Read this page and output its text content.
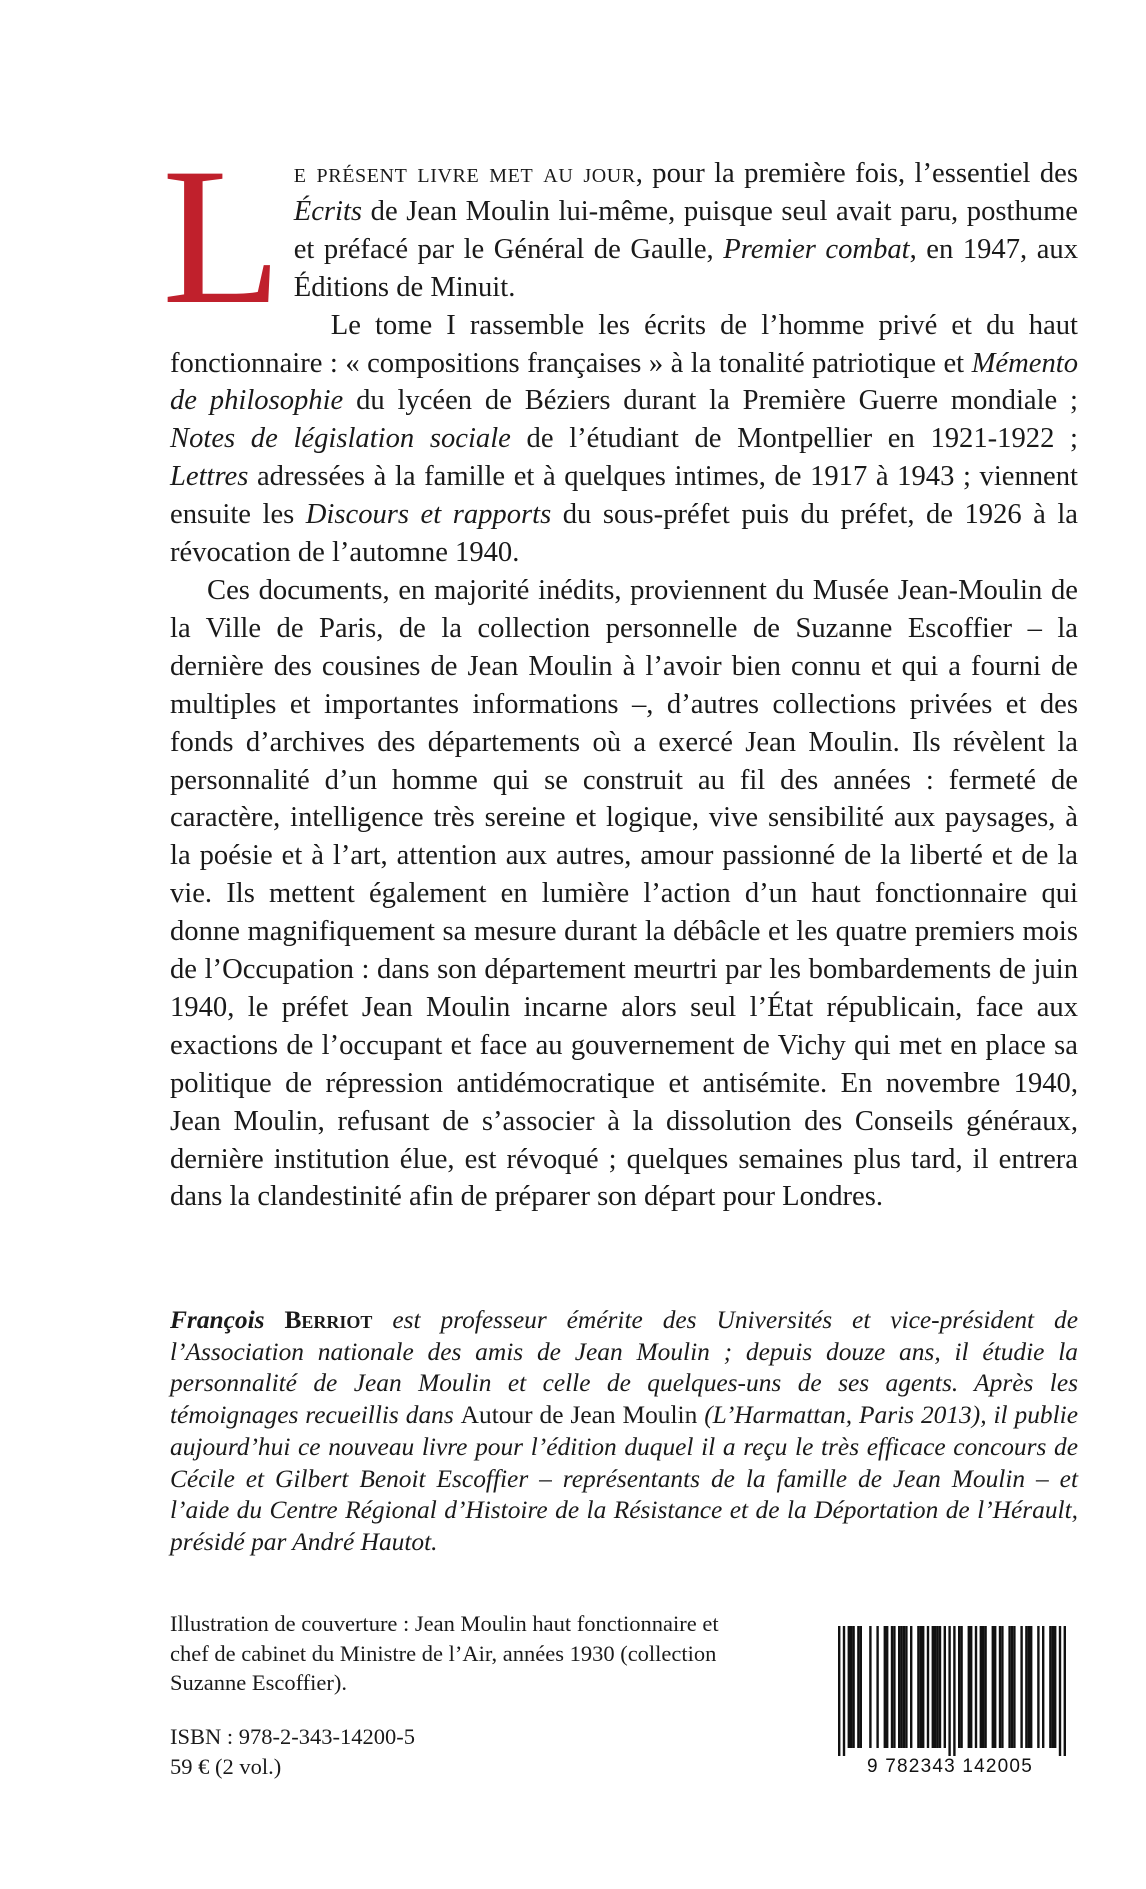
Le présent livre met au jour, pour la première fois, l’essentiel des Écrits de Jean Moulin lui-même, puisque seul avait paru, posthume et préfacé par le Général de Gaulle, Premier combat, en 1947, aux Éditions de Minuit.

Le tome I rassemble les écrits de l’homme privé et du haut fonctionnaire : « compositions françaises » à la tonalité patriotique et Mémento de philosophie du lycéen de Béziers durant la Première Guerre mondiale ; Notes de législation sociale de l’étudiant de Montpellier en 1921-1922 ; Lettres adressées à la famille et à quelques intimes, de 1917 à 1943 ; viennent ensuite les Discours et rapports du sous-préfet puis du préfet, de 1926 à la révocation de l’automne 1940.

Ces documents, en majorité inédits, proviennent du Musée Jean-Moulin de la Ville de Paris, de la collection personnelle de Suzanne Escoffier – la dernière des cousines de Jean Moulin à l’avoir bien connu et qui a fourni de multiples et importantes informations –, d’autres collections privées et des fonds d’archives des départements où a exercé Jean Moulin. Ils révèlent la personnalité d’un homme qui se construit au fil des années : fermeté de caractère, intelligence très sereine et logique, vive sensibilité aux paysages, à la poésie et à l’art, attention aux autres, amour passionné de la liberté et de la vie. Ils mettent également en lumière l’action d’un haut fonctionnaire qui donne magnifiquement sa mesure durant la débâcle et les quatre premiers mois de l’Occupation : dans son département meurtri par les bombardements de juin 1940, le préfet Jean Moulin incarne alors seul l’État républicain, face aux exactions de l’occupant et face au gouvernement de Vichy qui met en place sa politique de répression antidémocratique et antisémite. En novembre 1940, Jean Moulin, refusant de s’associer à la dissolution des Conseils généraux, dernière institution élue, est révoqué ; quelques semaines plus tard, il entrera dans la clandestinité afin de préparer son départ pour Londres.

François Berriot est professeur émérite des Universités et vice-président de l’Association nationale des amis de Jean Moulin ; depuis douze ans, il étudie la personnalité de Jean Moulin et celle de quelques-uns de ses agents. Après les témoignages recueillis dans Autour de Jean Moulin (L’Harmattan, Paris 2013), il publie aujourd’hui ce nouveau livre pour l’édition duquel il a reçu le très efficace concours de Cécile et Gilbert Benoit Escoffier – représentants de la famille de Jean Moulin – et l’aide du Centre Régional d’Histoire de la Résistance et de la Déportation de l’Hérault, présidé par André Hautot.
Illustration de couverture : Jean Moulin haut fonctionnaire et chef de cabinet du Ministre de l’Air, années 1930 (collection Suzanne Escoffier).
ISBN : 978-2-343-14200-5
59 € (2 vol.)	9 782343 142005
